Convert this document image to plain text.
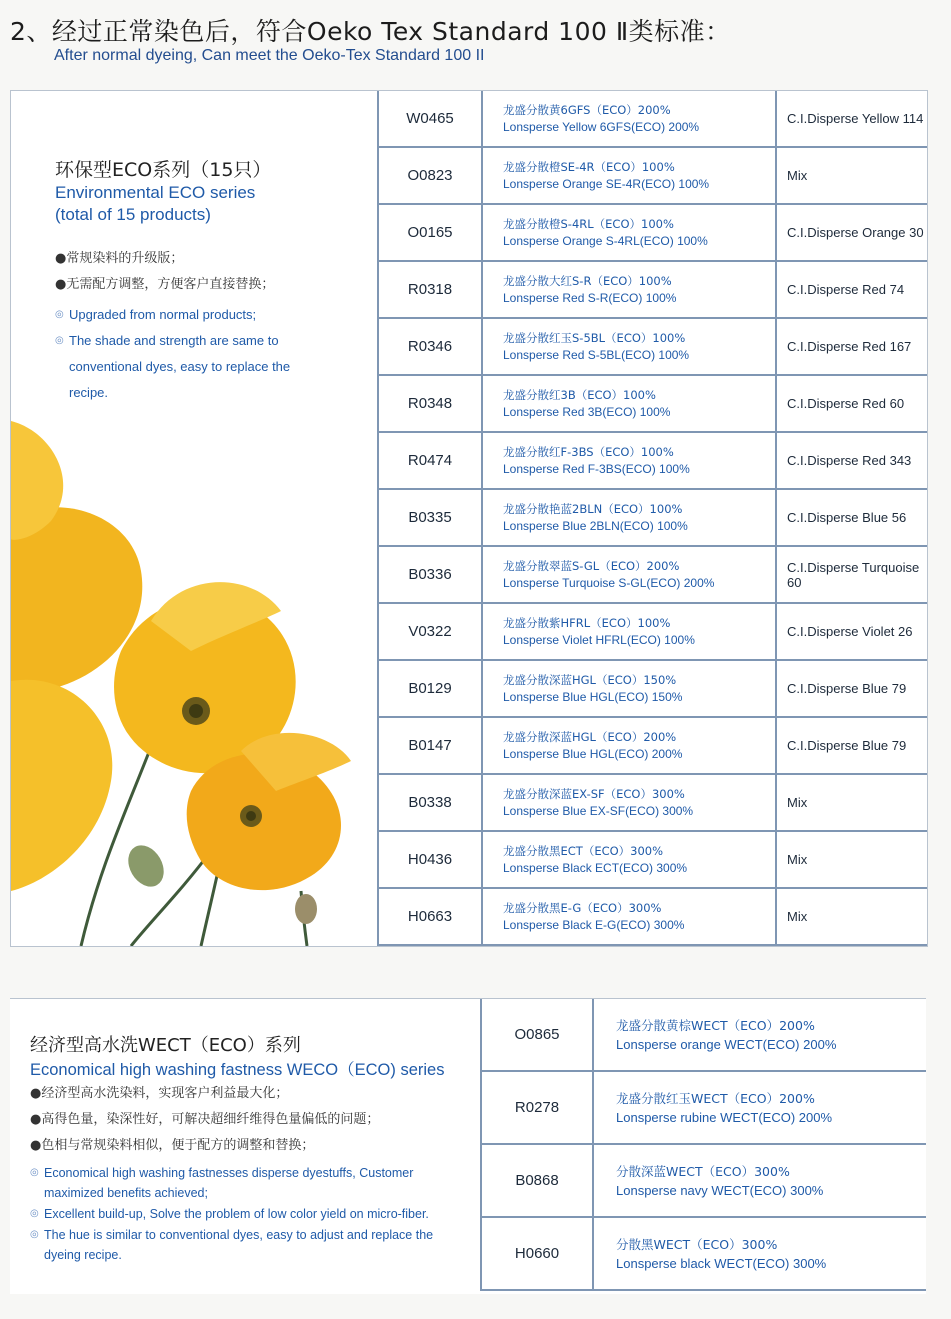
2、经过正常染色后，符合Oeko Tex Standard 100 Ⅱ类标准：
After normal dyeing, Can meet the Oeko-Tex Standard 100 II
环保型ECO系列（15只）
Environmental ECO series
(total of 15 products)
●常规染料的升级版；
●无需配方调整，方便客户直接替换；
◎ Upgraded from normal products;
◎ The shade and strength are same to conventional dyes, easy to replace the recipe.
W0465
龙盛分散黄6GFS（ECO）200%
Lonsperse Yellow 6GFS(ECO) 200%
C.I.Disperse Yellow 114
O0823
龙盛分散橙SE-4R（ECO）100%
Lonsperse Orange SE-4R(ECO) 100%
Mix
O0165
龙盛分散橙S-4RL（ECO）100%
Lonsperse Orange S-4RL(ECO) 100%
C.I.Disperse Orange 30
R0318
龙盛分散大红S-R（ECO）100%
Lonsperse Red S-R(ECO) 100%
C.I.Disperse Red 74
R0346
龙盛分散红玉S-5BL（ECO）100%
Lonsperse Red S-5BL(ECO) 100%
C.I.Disperse Red 167
R0348
龙盛分散红3B（ECO）100%
Lonsperse Red 3B(ECO) 100%
C.I.Disperse Red 60
R0474
龙盛分散红F-3BS（ECO）100%
Lonsperse Red F-3BS(ECO) 100%
C.I.Disperse Red 343
B0335
龙盛分散艳蓝2BLN（ECO）100%
Lonsperse Blue 2BLN(ECO) 100%
C.I.Disperse Blue 56
B0336
龙盛分散翠蓝S-GL（ECO）200%
Lonsperse Turquoise S-GL(ECO) 200%
C.I.Disperse Turquoise 60
V0322
龙盛分散紫HFRL（ECO）100%
Lonsperse Violet HFRL(ECO) 100%
C.I.Disperse Violet 26
B0129
龙盛分散深蓝HGL（ECO）150%
Lonsperse Blue HGL(ECO) 150%
C.I.Disperse Blue 79
B0147
龙盛分散深蓝HGL（ECO）200%
Lonsperse Blue HGL(ECO) 200%
C.I.Disperse Blue 79
B0338
龙盛分散深蓝EX-SF（ECO）300%
Lonsperse Blue EX-SF(ECO) 300%
Mix
H0436
龙盛分散黑ECT（ECO）300%
Lonsperse Black ECT(ECO) 300%
Mix
H0663
龙盛分散黑E-G（ECO）300%
Lonsperse Black E-G(ECO) 300%
Mix
经济型高水洗WECT（ECO）系列
Economical high washing fastness WECO（ECO) series
●经济型高水洗染料，实现客户利益最大化；
●高得色量，染深性好，可解决超细纤维得色量偏低的问题；
●色相与常规染料相似，便于配方的调整和替换；
◎ Economical high washing fastnesses disperse dyestuffs, Customer maximized benefits achieved;
◎ Excellent build-up, Solve the problem of low color yield on micro-fiber.
◎ The hue is similar to conventional dyes, easy to adjust and replace the dyeing recipe.
O0865
龙盛分散黄棕WECT（ECO）200%
Lonsperse orange WECT(ECO) 200%
R0278
龙盛分散红玉WECT（ECO）200%
Lonsperse rubine WECT(ECO) 200%
B0868
分散深蓝WECT（ECO）300%
Lonsperse navy WECT(ECO) 300%
H0660
分散黑WECT（ECO）300%
Lonsperse black WECT(ECO) 300%
